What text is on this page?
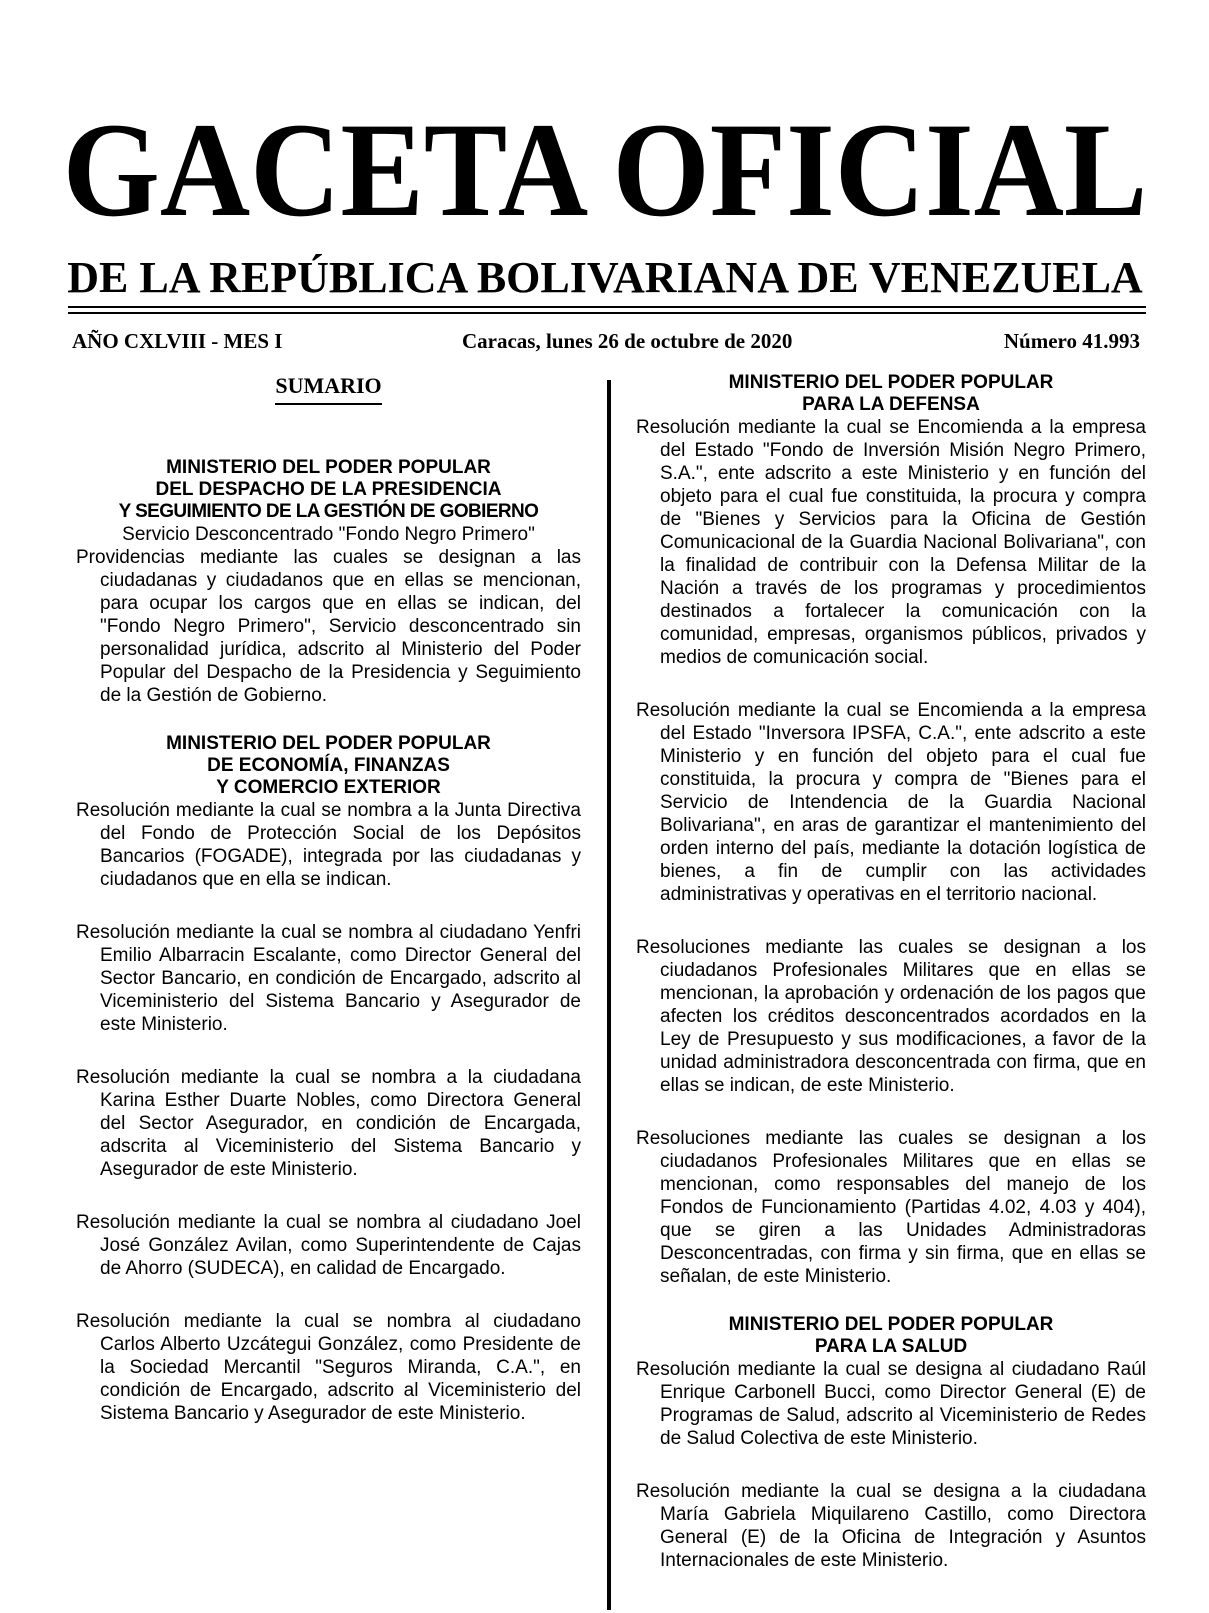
GACETA OFICIAL
DE LA REPÚBLICA BOLIVARIANA DE VENEZUELA
AÑO CXLVIII - MES I	Caracas, lunes 26 de octubre de 2020	Número 41.993
SUMARIO
MINISTERIO DEL PODER POPULAR
DEL DESPACHO DE LA PRESIDENCIA
Y SEGUIMIENTO DE LA GESTIÓN DE GOBIERNO

Servicio Desconcentrado "Fondo Negro Primero"

Providencias mediante las cuales se designan a las ciudadanas y ciudadanos que en ellas se mencionan, para ocupar los cargos que en ellas se indican, del "Fondo Negro Primero", Servicio desconcentrado sin personalidad jurídica, adscrito al Ministerio del Poder Popular del Despacho de la Presidencia y Seguimiento de la Gestión de Gobierno.

MINISTERIO DEL PODER POPULAR
DE ECONOMÍA, FINANZAS
Y COMERCIO EXTERIOR

Resolución mediante la cual se nombra a la Junta Directiva del Fondo de Protección Social de los Depósitos Bancarios (FOGADE), integrada por las ciudadanas y ciudadanos que en ella se indican.

Resolución mediante la cual se nombra al ciudadano Yenfri Emilio Albarracin Escalante, como Director General del Sector Bancario, en condición de Encargado, adscrito al Viceministerio del Sistema Bancario y Asegurador de este Ministerio.

Resolución mediante la cual se nombra a la ciudadana Karina Esther Duarte Nobles, como Directora General del Sector Asegurador, en condición de Encargada, adscrita al Viceministerio del Sistema Bancario y Asegurador de este Ministerio.

Resolución mediante la cual se nombra al ciudadano Joel José González Avilan, como Superintendente de Cajas de Ahorro (SUDECA), en calidad de Encargado.

Resolución mediante la cual se nombra al ciudadano Carlos Alberto Uzcátegui González, como Presidente de la Sociedad Mercantil "Seguros Miranda, C.A.", en condición de Encargado, adscrito al Viceministerio del Sistema Bancario y Asegurador de este Ministerio.

MINISTERIO DEL PODER POPULAR
PARA LA DEFENSA

Resolución mediante la cual se Encomienda a la empresa del Estado "Fondo de Inversión Misión Negro Primero, S.A.", ente adscrito a este Ministerio y en función del objeto para el cual fue constituida, la procura y compra de "Bienes y Servicios para la Oficina de Gestión Comunicacional de la Guardia Nacional Bolivariana", con la finalidad de contribuir con la Defensa Militar de la Nación a través de los programas y procedimientos destinados a fortalecer la comunicación con la comunidad, empresas, organismos públicos, privados y medios de comunicación social.

Resolución mediante la cual se Encomienda a la empresa del Estado "Inversora IPSFA, C.A.", ente adscrito a este Ministerio y en función del objeto para el cual fue constituida, la procura y compra de "Bienes para el Servicio de Intendencia de la Guardia Nacional Bolivariana", en aras de garantizar el mantenimiento del orden interno del país, mediante la dotación logística de bienes, a fin de cumplir con las actividades administrativas y operativas en el territorio nacional.

Resoluciones mediante las cuales se designan a los ciudadanos Profesionales Militares que en ellas se mencionan, la aprobación y ordenación de los pagos que afecten los créditos desconcentrados acordados en la Ley de Presupuesto y sus modificaciones, a favor de la unidad administradora desconcentrada con firma, que en ellas se indican, de este Ministerio.

Resoluciones mediante las cuales se designan a los ciudadanos Profesionales Militares que en ellas se mencionan, como responsables del manejo de los Fondos de Funcionamiento (Partidas 4.02, 4.03 y 404), que se giren a las Unidades Administradoras Desconcentradas, con firma y sin firma, que en ellas se señalan, de este Ministerio.

MINISTERIO DEL PODER POPULAR
PARA LA SALUD

Resolución mediante la cual se designa al ciudadano Raúl Enrique Carbonell Bucci, como Director General (E) de Programas de Salud, adscrito al Viceministerio de Redes de Salud Colectiva de este Ministerio.

Resolución mediante la cual se designa a la ciudadana María Gabriela Miquilareno Castillo, como Directora General (E) de la Oficina de Integración y Asuntos Internacionales de este Ministerio.
